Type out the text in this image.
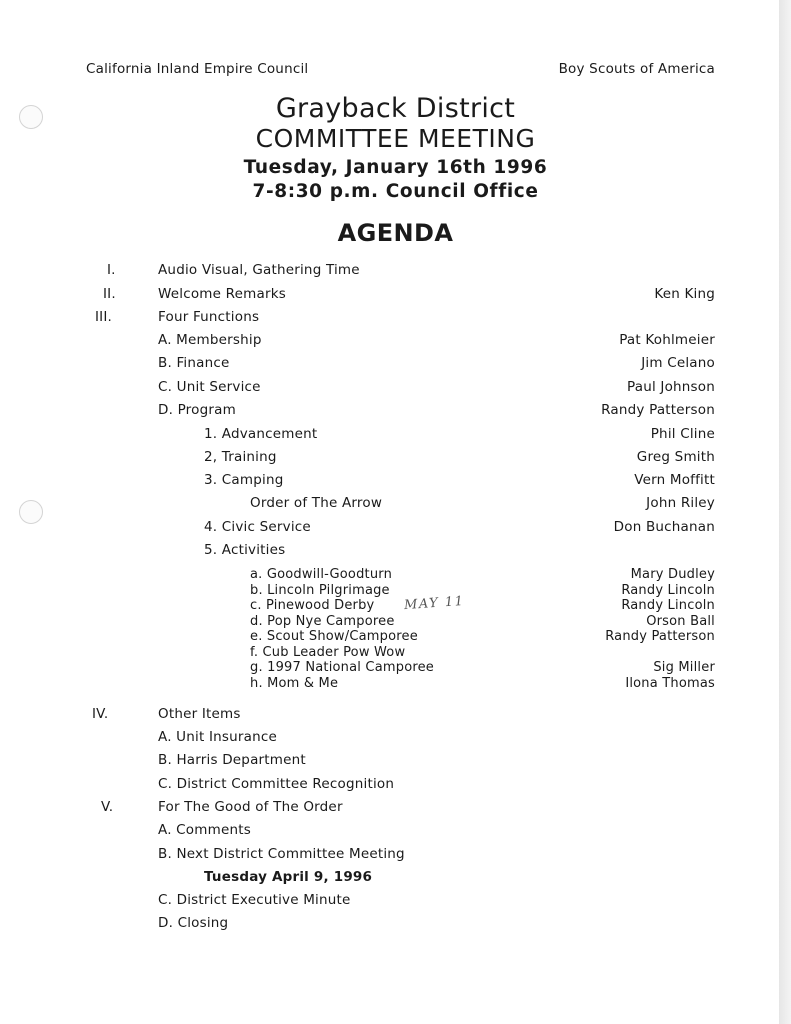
California Inland Empire Council	Boy Scouts of America
Grayback District
COMMITTEE MEETING
Tuesday, January 16th 1996
7-8:30 p.m. Council Office
AGENDA
I.	Audio Visual, Gathering Time
II.	Welcome Remarks	Ken King
III.	Four Functions
A. Membership	Pat Kohlmeier
B. Finance	Jim Celano
C. Unit Service	Paul Johnson
D. Program	Randy Patterson
1. Advancement	Phil Cline
2, Training	Greg Smith
3. Camping	Vern Moffitt
Order of The Arrow	John Riley
4. Civic Service	Don Buchanan
5. Activities
a. Goodwill-Goodturn	Mary Dudley
b. Lincoln Pilgrimage	Randy Lincoln
c. Pinewood Derby	Randy Lincoln
d. Pop Nye Camporee	Orson Ball
e. Scout Show/Camporee	Randy Patterson
f. Cub Leader Pow Wow
g. 1997 National Camporee	Sig Miller
h. Mom & Me	Ilona Thomas
MAY 11
IV.	Other Items
A. Unit Insurance
B. Harris Department
C. District Committee Recognition
V.	For The Good of The Order
A. Comments
B. Next District Committee Meeting
Tuesday April 9, 1996
C. District Executive Minute
D. Closing
